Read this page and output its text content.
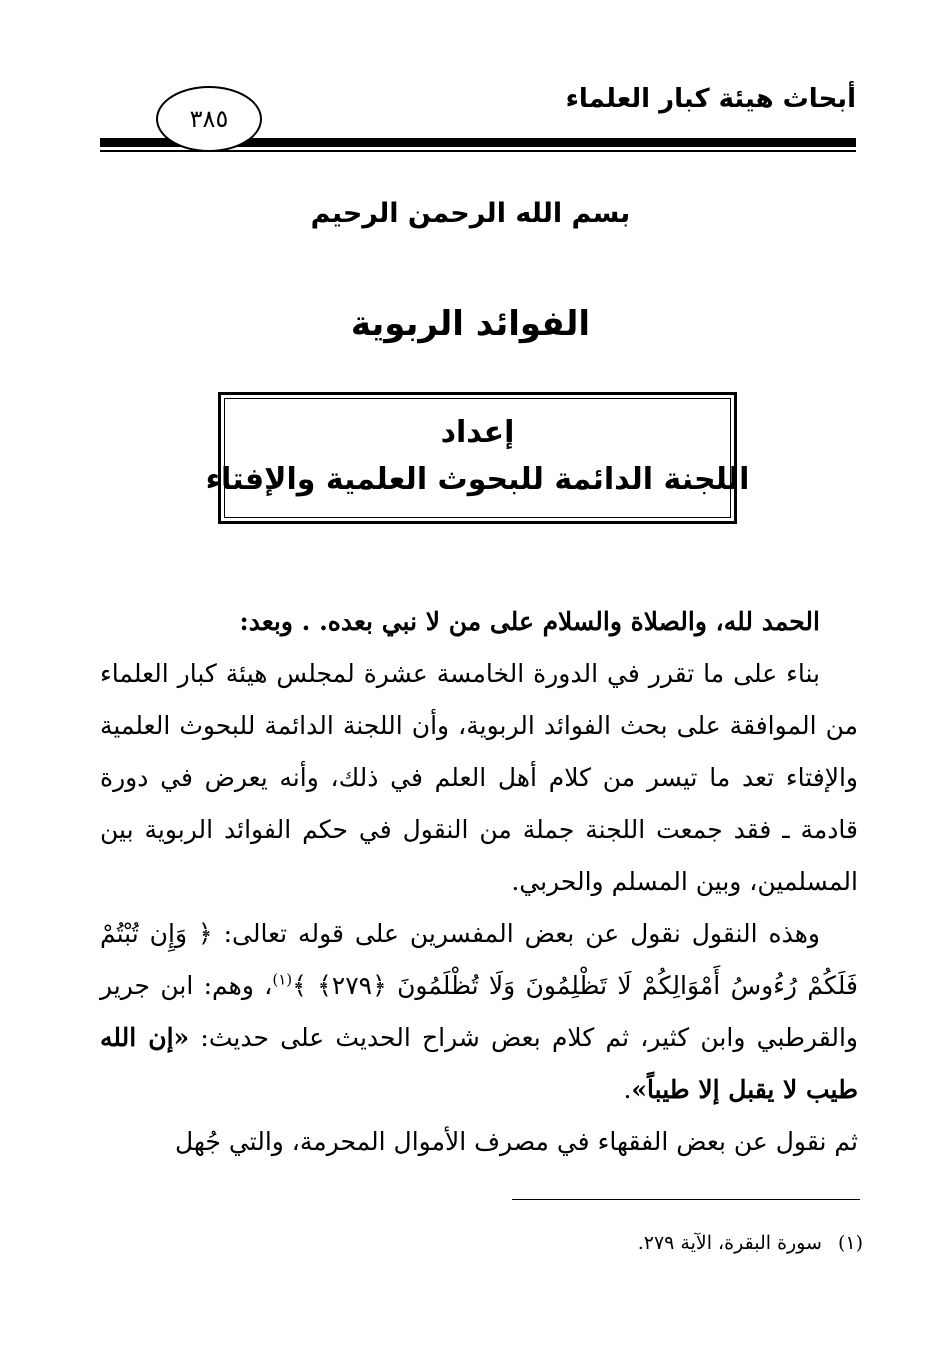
أبحاث هيئة كبار العلماء
٣٨٥
بسم الله الرحمن الرحيم
الفوائد الربوية
إعداد
اللجنة الدائمة للبحوث العلمية والإفتاء

الحمد لله، والصلاة والسلام على من لا نبي بعده. . وبعد:

بناء على ما تقرر في الدورة الخامسة عشرة لمجلس هيئة كبار العلماء من الموافقة على بحث الفوائد الربوية، وأن اللجنة الدائمة للبحوث العلمية والإفتاء تعد ما تيسر من كلام أهل العلم في ذلك، وأنه يعرض في دورة قادمة ـ فقد جمعت اللجنة جملة من النقول في حكم الفوائد الربوية بين المسلمين، وبين المسلم والحربي.

وهذه النقول نقول عن بعض المفسرين على قوله تعالى: ﴿ وَإِن تُبْتُمْ فَلَكُمْ رُءُوسُ أَمْوَالِكُمْ لَا تَظْلِمُونَ وَلَا تُظْلَمُونَ ﴿٢٧٩﴾ ﴾$^{(١)}$، وهم: ابن جرير والقرطبي وابن كثير، ثم كلام بعض شراح الحديث على حديث: «إن الله طيب لا يقبل إلا طيباً».

ثم نقول عن بعض الفقهاء في مصرف الأموال المحرمة، والتي جُهل

(١)سورة البقرة، الآية ٢٧٩.
